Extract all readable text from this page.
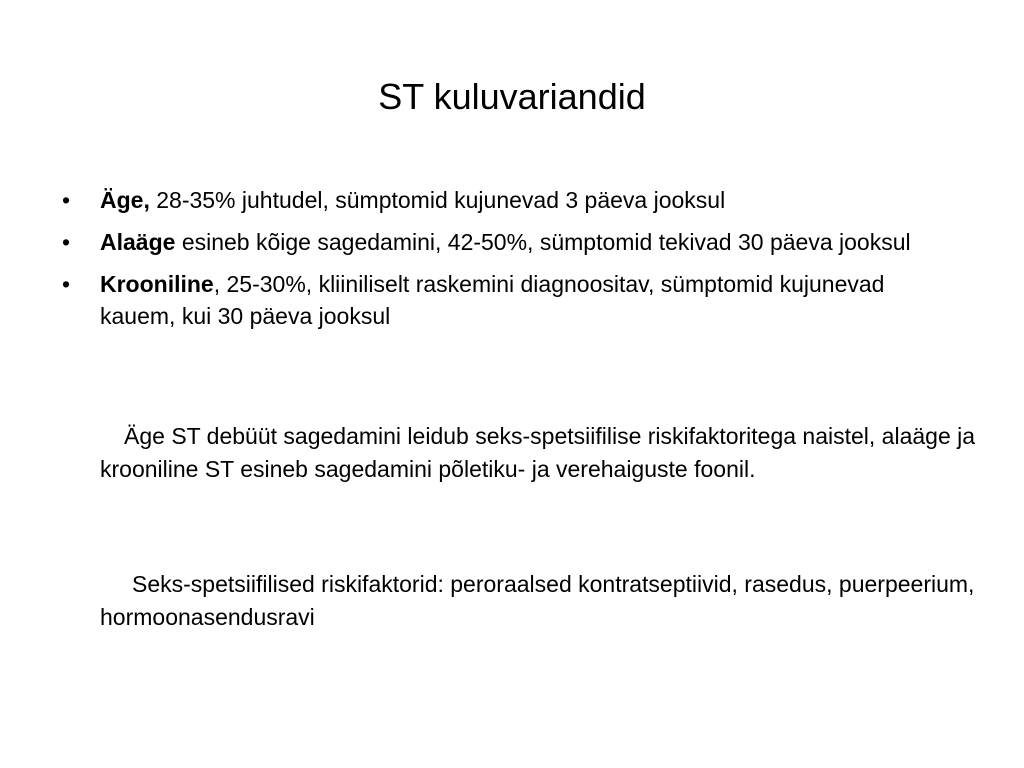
ST kuluvariandid
•	Äge, 28-35% juhtudel, sümptomid kujunevad 3 päeva jooksul
•	Alaäge esineb kõige sagedamini, 42-50%, sümptomid tekivad 30 päeva jooksul
•	Krooniline, 25-30%, kliiniliselt raskemini diagnoositav, sümptomid kujunevad kauem, kui 30 päeva jooksul

Äge ST debüüt sagedamini leidub seks-spetsiifilise riskifaktoritega naistel, alaäge ja krooniline ST esineb sagedamini põletiku- ja verehaiguste foonil.

Seks-spetsiifilised riskifaktorid: peroraalsed kontratseptiivid, rasedus, puerpeerium, hormoonasendusravi
